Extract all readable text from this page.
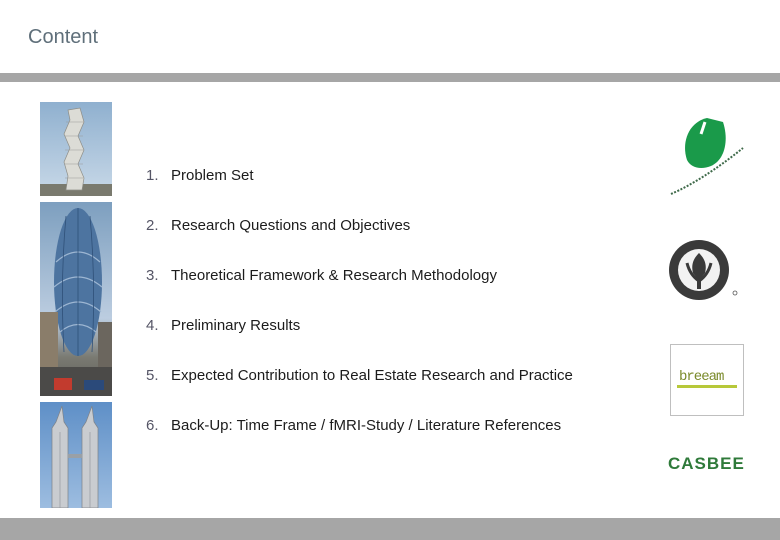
Content
1. Problem Set
2. Research Questions and Objectives
3. Theoretical Framework & Research Methodology
4. Preliminary Results
5. Expected Contribution to Real Estate Research and Practice
6. Back-Up: Time Frame / fMRI-Study / Literature References
breeam
CASBEE
